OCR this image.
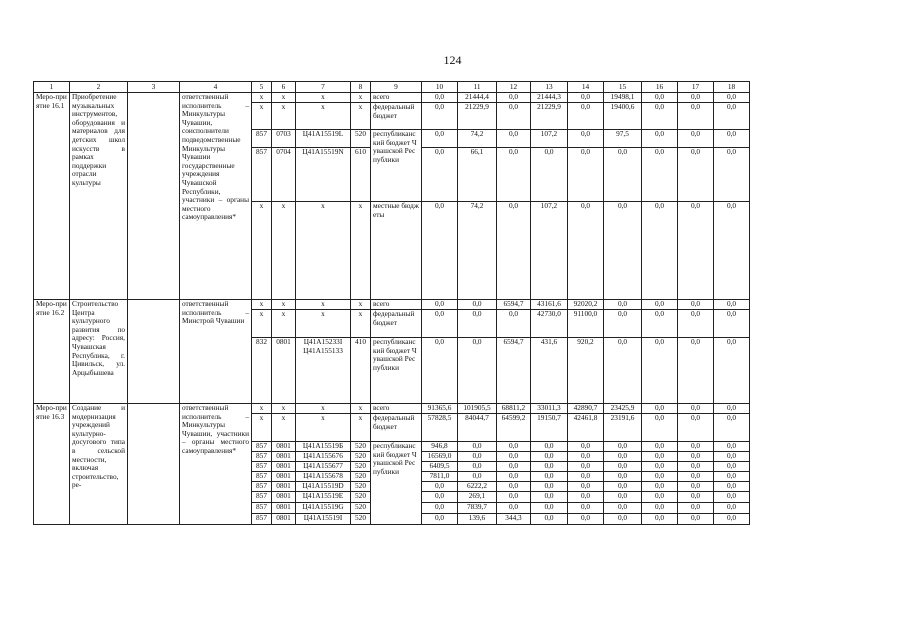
124
1	2	3	4	5	6	7	8	9	10	11	12	13	14	15	16	17	18
Меро-приятие 16.1	Приобретение музыкальных инструментов, оборудования и материалов для детских школ искусств в рамках поддержки отрасли культуры		ответственный исполнитель – Минкультуры Чувашии, соисполнители подведомственные Минкультуры Чувашии государственные учреждения Чувашской Республики, участники – органы местного самоуправления*	x	x	x	x	всего	0,0	21444,4	0,0	21444,3	0,0	19498,1	0,0	0,0	0,0
				x	x	x	x	федеральный бюджет	0,0	21229,9	0,0	21229,9	0,0	19400,6	0,0	0,0	0,0
				857	0703	Ц41А15519L	520	республиканский бюджет Чувашской Республики	0,0	74,2	0,0	107,2	0,0	97,5	0,0	0,0	0,0
				857	0704	Ц41А15519N	610		0,0	66,1	0,0	0,0	0,0	0,0	0,0	0,0	0,0
				x	x	x	x	местные бюджеты	0,0	74,2	0,0	107,2	0,0	0,0	0,0	0,0	0,0
Меро-приятие 16.2	Строительство Центра культурного развития по адресу: Россия, Чувашская Республика, г. Цивильск, ул. Арцыбышева		ответственный исполнитель – Минстрой Чувашии	x	x	x	x	всего	0,0	0,0	6594,7	43161,6	92020,2	0,0	0,0	0,0	0,0
				x	x	x	x	федеральный бюджет	0,0	0,0	0,0	42730,0	91100,0	0,0	0,0	0,0	0,0
				832	0801	Ц41А15233I Ц41А155133	410	республиканский бюджет Чувашской Республики	0,0	0,0	6594,7	431,6	920,2	0,0	0,0	0,0	0,0
Меро-приятие 16.3	Создание и модернизация учреждений культурно-досугового типа в сельской местности, включая строительство, ре-		ответственный исполнитель – Минкультуры Чувашии, участники – органы местного самоуправления*	x	x	x	x	всего	91365,6	101905,5	68811,2	33011,3	42890,7	23425,9	0,0	0,0	0,0
				x	x	x	x	федеральный бюджет	57828,5	84044,7	64599,2	19150,7	42461,8	23191,6	0,0	0,0	0,0
				857	0801	Ц41А15519Б	520	республиканский бюджет Чувашской Республики	946,8	0,0	0,0	0,0	0,0	0,0	0,0	0,0	0,0
				857	0801	Ц41А155676	520		16569,0	0,0	0,0	0,0	0,0	0,0	0,0	0,0	0,0
				857	0801	Ц41А155677	520		6409,5	0,0	0,0	0,0	0,0	0,0	0,0	0,0	0,0
				857	0801	Ц41А155678	520		7811,0	0,0	0,0	0,0	0,0	0,0	0,0	0,0	0,0
				857	0801	Ц41А15519D	520		0,0	6222,2	0,0	0,0	0,0	0,0	0,0	0,0	0,0
				857	0801	Ц41А15519E	520		0,0	269,1	0,0	0,0	0,0	0,0	0,0	0,0	0,0
				857	0801	Ц41А15519G	520		0,0	7839,7	0,0	0,0	0,0	0,0	0,0	0,0	0,0
				857	0801	Ц41А15519I	520		0,0	139,6	344,3	0,0	0,0	0,0	0,0	0,0	0,0
